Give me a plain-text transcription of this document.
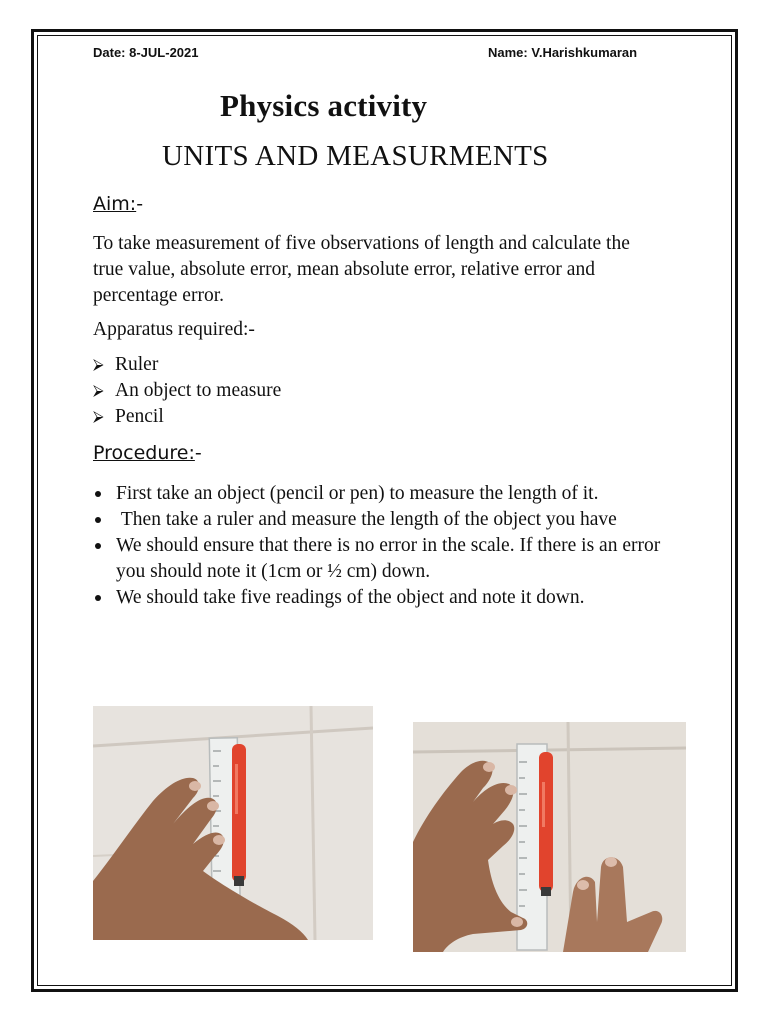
Date: 8-JUL-2021	Name: V.Harishkumaran
Physics activity
UNITS AND MEASURMENTS
Aim:-
To take measurement of five observations of length and calculate the true value, absolute error, mean absolute error, relative error and percentage error.
Apparatus required:-
⮚ Ruler
⮚ An object to measure
⮚ Pencil
Procedure:-
First take an object (pencil or pen) to measure the length of it.
Then take a ruler and measure the length of the object you have
We should ensure that there is no error in the scale. If there is an error you should note it (1cm or ½ cm) down.
We should take five readings of the object and note it down.
